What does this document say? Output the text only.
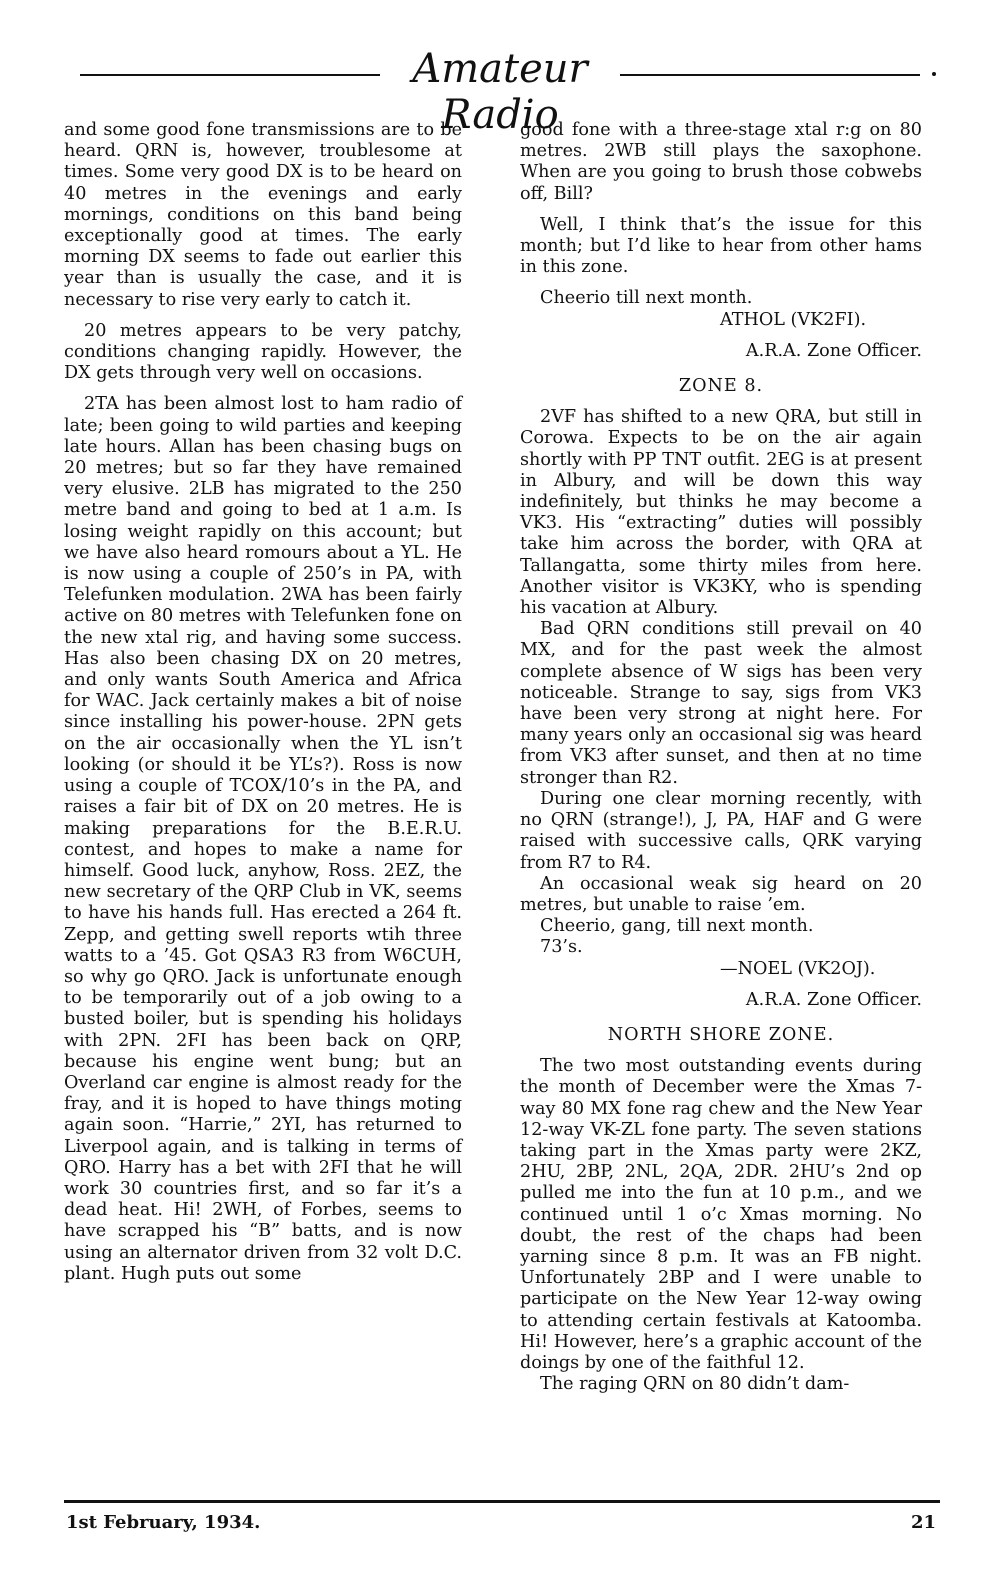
Amateur Radio

and some good fone transmissions are to be heard. QRN is, however, troublesome at times. Some very good DX is to be heard on 40 metres in the evenings and early mornings, conditions on this band being exceptionally good at times. The early morning DX seems to fade out earlier this year than is usually the case, and it is necessary to rise very early to catch it.

20 metres appears to be very patchy, conditions changing rapidly. However, the DX gets through very well on occasions.

2TA has been almost lost to ham radio of late; been going to wild parties and keeping late hours. Allan has been chasing bugs on 20 metres; but so far they have remained very elusive. 2LB has migrated to the 250 metre band and going to bed at 1 a.m. Is losing weight rapidly on this account; but we have also heard romours about a YL. He is now using a couple of 250’s in PA, with Telefunken modulation. 2WA has been fairly active on 80 metres with Telefunken fone on the new xtal rig, and having some success. Has also been chasing DX on 20 metres, and only wants South America and Africa for WAC. Jack certainly makes a bit of noise since installing his power-house. 2PN gets on the air occasionally when the YL isn’t looking (or should it be YL’s?). Ross is now using a couple of TCOX/10’s in the PA, and raises a fair bit of DX on 20 metres. He is making preparations for the B.E.R.U. contest, and hopes to make a name for himself. Good luck, anyhow, Ross. 2EZ, the new secretary of the QRP Club in VK, seems to have his hands full. Has erected a 264 ft. Zepp, and getting swell reports wtih three watts to a ’45. Got QSA3 R3 from W6CUH, so why go QRO. Jack is unfortunate enough to be temporarily out of a job owing to a busted boiler, but is spending his holidays with 2PN. 2FI has been back on QRP, because his engine went bung; but an Overland car engine is almost ready for the fray, and it is hoped to have things moting again soon. “Harrie,” 2YI, has returned to Liverpool again, and is talking in terms of QRO. Harry has a bet with 2FI that he will work 30 countries first, and so far it’s a dead heat. Hi! 2WH, of Forbes, seems to have scrapped his “B” batts, and is now using an alternator driven from 32 volt D.C. plant. Hugh puts out some

good fone with a three-stage xtal r:g on 80 metres. 2WB still plays the saxophone. When are you going to brush those cobwebs off, Bill?

Well, I think that’s the issue for this month; but I’d like to hear from other hams in this zone.

Cheerio till next month.

ATHOL (VK2FI).

A.R.A. Zone Officer.

ZONE 8.

2VF has shifted to a new QRA, but still in Corowa. Expects to be on the air again shortly with PP TNT outfit. 2EG is at present in Albury, and will be down this way indefinitely, but thinks he may become a VK3. His “extracting” duties will possibly take him across the border, with QRA at Tallangatta, some thirty miles from here. Another visitor is VK3KY, who is spending his vacation at Albury.

Bad QRN conditions still prevail on 40 MX, and for the past week the almost complete absence of W sigs has been very noticeable. Strange to say, sigs from VK3 have been very strong at night here. For many years only an occasional sig was heard from VK3 after sunset, and then at no time stronger than R2.

During one clear morning recently, with no QRN (strange!), J, PA, HAF and G were raised with successive calls, QRK varying from R7 to R4.

An occasional weak sig heard on 20 metres, but unable to raise ’em.

Cheerio, gang, till next month.

73’s.

—NOEL (VK2OJ).

A.R.A. Zone Officer.

NORTH SHORE ZONE.

The two most outstanding events during the month of December were the Xmas 7-way 80 MX fone rag chew and the New Year 12-way VK-ZL fone party. The seven stations taking part in the Xmas party were 2KZ, 2HU, 2BP, 2NL, 2QA, 2DR. 2HU’s 2nd op pulled me into the fun at 10 p.m., and we continued until 1 o’c Xmas morning. No doubt, the rest of the chaps had been yarning since 8 p.m. It was an FB night. Unfortunately 2BP and I were unable to participate on the New Year 12-way owing to attending certain festivals at Katoomba. Hi! However, here’s a graphic account of the doings by one of the faithful 12.

The raging QRN on 80 didn’t dam-

1st February, 1934.	21
